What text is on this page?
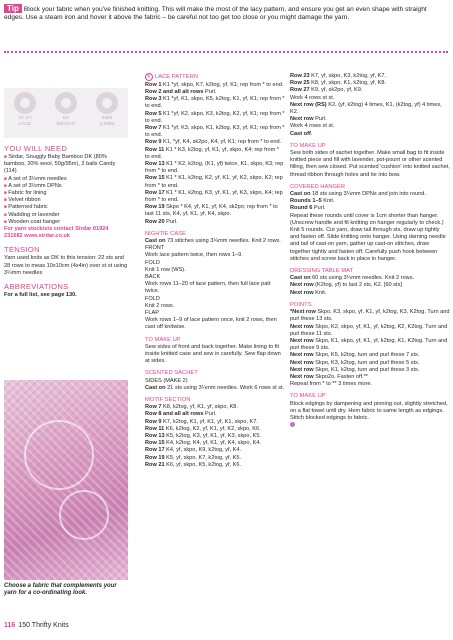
Tip Block your fabric when you've finished knitting. This will make the most of the lacy pattern, and ensure you get an even shape with straight edges. Use a steam iron and hover it above the fabric – be careful not too get too close or you might damage the yarn.
ST ST
LACE
DK
WEIGHT
3MM
3.5MM
YOU WILL NEED
■ Sirdar, Snuggly Baby Bamboo DK (80% bamboo, 20% wool, 50g/95m), 2 balls Candy (114)
■ A set of 3¼mm needles
■ A set of 3½mm DPNs
■ Fabric for lining
■ Velvet ribbon
■ Patterned fabric
■ Wadding or lavender
■ Wooden coat hanger
For yarn stockists contact Sirdar 01924 231682 www.sirdar.co.uk
TENSION
Yarn used knits as DK to this tension: 22 sts and 28 rows to meas 10x10cm (4x4in) over st st using 3¼mm needles
ABBREVIATIONS
For a full list, see page 130.
Choose a fabric that complements your yarn for a co-ordinating look.
K LACE PATTERN
Row 1 K1 *yf, skpo, K7, k2tog, yf, K1; rep from * to end.
Row 2 and all alt rows Purl.
Row 3 K1 *yf, K1, skpo, K5, k2tog, K1, yf, K1; rep from * to end.
Row 5 K1 *yf, K2, skpo, K3, k2tog, K2, yf, K1; rep from * to end.
Row 7 K1 *yf, K3, skpo, K1, k2tog, K3, yf, K1; rep from * to end.
Row 9 K1, *yf, K4, sk2po, K4, yf, K1; rep from * to end.
Row 11 K1 * K3, k2tog, yf, K1, yf, skpo, K4; rep from * to end.
Row 13 K1 * K2, k2tog, (K1, yf) twice, K1, skpo, K3; rep from * to end.
Row 15 K1 * K1, k2tog, K2, yf, K1, yf, K2, skpo, K2; rep from * to end.
Row 17 K1 * K1, k2tog, K3, yf, K1, yf, K3, skpo, K4; rep from * to end.
Row 19 Skpo * K4, yf, K1, yf, K4, sk2po; rep from * to last 11 sts, K4, yf, K1, yf, K4, skpo.
Row 20 Purl.
NIGHTIE CASE
Cast on 73 stitches using 3¼mm needles. Knit 2 rows.
FRONT
Work lace pattern twice, then rows 1–9.
FOLD
Knit 1 row (WS).
BACK
Work rows 11–20 of lace pattern, then full lace patt twice.
FOLD
Knit 2 rows.
FLAP
Work rows 1–9 of lace pattern once, knit 2 rows, then cast off knitwise.
TO MAKE UP
Sew sides of front and back together. Make lining to fit inside knitted case and sew in carefully. Sew flap down at sides.
SCENTED SACHET
SIDES (MAKE 2)
Cast on 21 sts using 3¼mm needles. Work 6 rows st st.
MOTIF SECTION
Row 7 K8, k2tog, yf, K1, yf, skpo, K8.
Row 8 and all alt rows Purl.
Row 9 K7, k2tog, K1, yf, K1, yf, K1, skpo, K7.
Row 11 K6, k2tog, K2, yf, K1, yf, K2, skpo, K6.
Row 13 K5, k2tog, K3, yf, K1, yf, K3, skpo, K5.
Row 15 K4, k2tog, K4, yf, K1, yf, K4, skpo, K4.
Row 17 K4, yf, skpo, K9, k2tog, yf, K4.
Row 19 K5, yf, skpo, K7, k2tog, yf, K5.
Row 21 K6, yf, skpo, K5, k2tog, yf, K6.
Row 23 K7, yf, skpo, K3, k2tog, yf, K7.
Row 25 K8, yf, skpo, K1, k2tog, yf, K8.
Row 27 K9, yf, sk2po, yf, K9.
Work 4 rows st st.
Next row (RS) K2, (yf, k2tog) 4 times, K1, (k2tog, yf) 4 times, K2.
Next row Purl.
Work 4 rows st st.
Cast off.
TO MAKE UP
Sew both sides of sachet together. Make small bag to fit inside knitted piece and fill with lavender, pot-pourri or other scented filling, then sew closed. Put scented 'cushion' into knitted sachet, thread ribbon through holes and tie into bow.
COVERED HANGER
Cast on 18 sts using 3¼mm DPNs and join into round.
Rounds 1–5 Knit.
Round 6 Purl.
Repeat these rounds until cover is 1cm shorter than hanger. (Unscrew handle and fit knitting on hanger regularly to check.) Knit 5 rounds. Cut yarn, draw tail through sts, draw up tightly and fasten off. Slide knitting onto hanger. Using darning needle and tail of cast-on yarn, gather up cast-on stitches, draw together tightly and fasten off. Carefully push hook between stitches and screw back in place in hanger.
DRESSING TABLE MAT
Cast on 60 sts using 3¼mm needles. Knit 2 rows.
Next row (K2tog, yf) to last 2 sts, K2. [60 sts]
Next row Knit.
POINTS
*Next row Skpo, K3, skpo, yf, K1, yf, k2tog, K3, K2tog. Turn and purl these 13 sts.
Next row Skpo, K2, skpo, yf, K1, yf, k2tog, K2, K2tog. Turn and purl these 11 sts.
Next row Skpo, K1, skpo, yf, K1, yf, k2tog, K1, K2tog. Turn and purl these 9 sts.
Next row Skpo, K5, k2tog, turn and purl these 7 sts.
Next row Skpo, K3, k2tog, turn and purl these 5 sts.
Next row Skpo, K1, k2tog, turn and purl these 3 sts.
Next row Skpo2o. Fasten off.**
Repeat from * to ** 3 times more.
TO MAKE UP
Block edgings by dampening and pinning out, slightly stretched, on a flat towel until dry. Hem fabric to same length as edgings. Stitch blocked edgings to fabric.
116 150 Thrifty Knits
